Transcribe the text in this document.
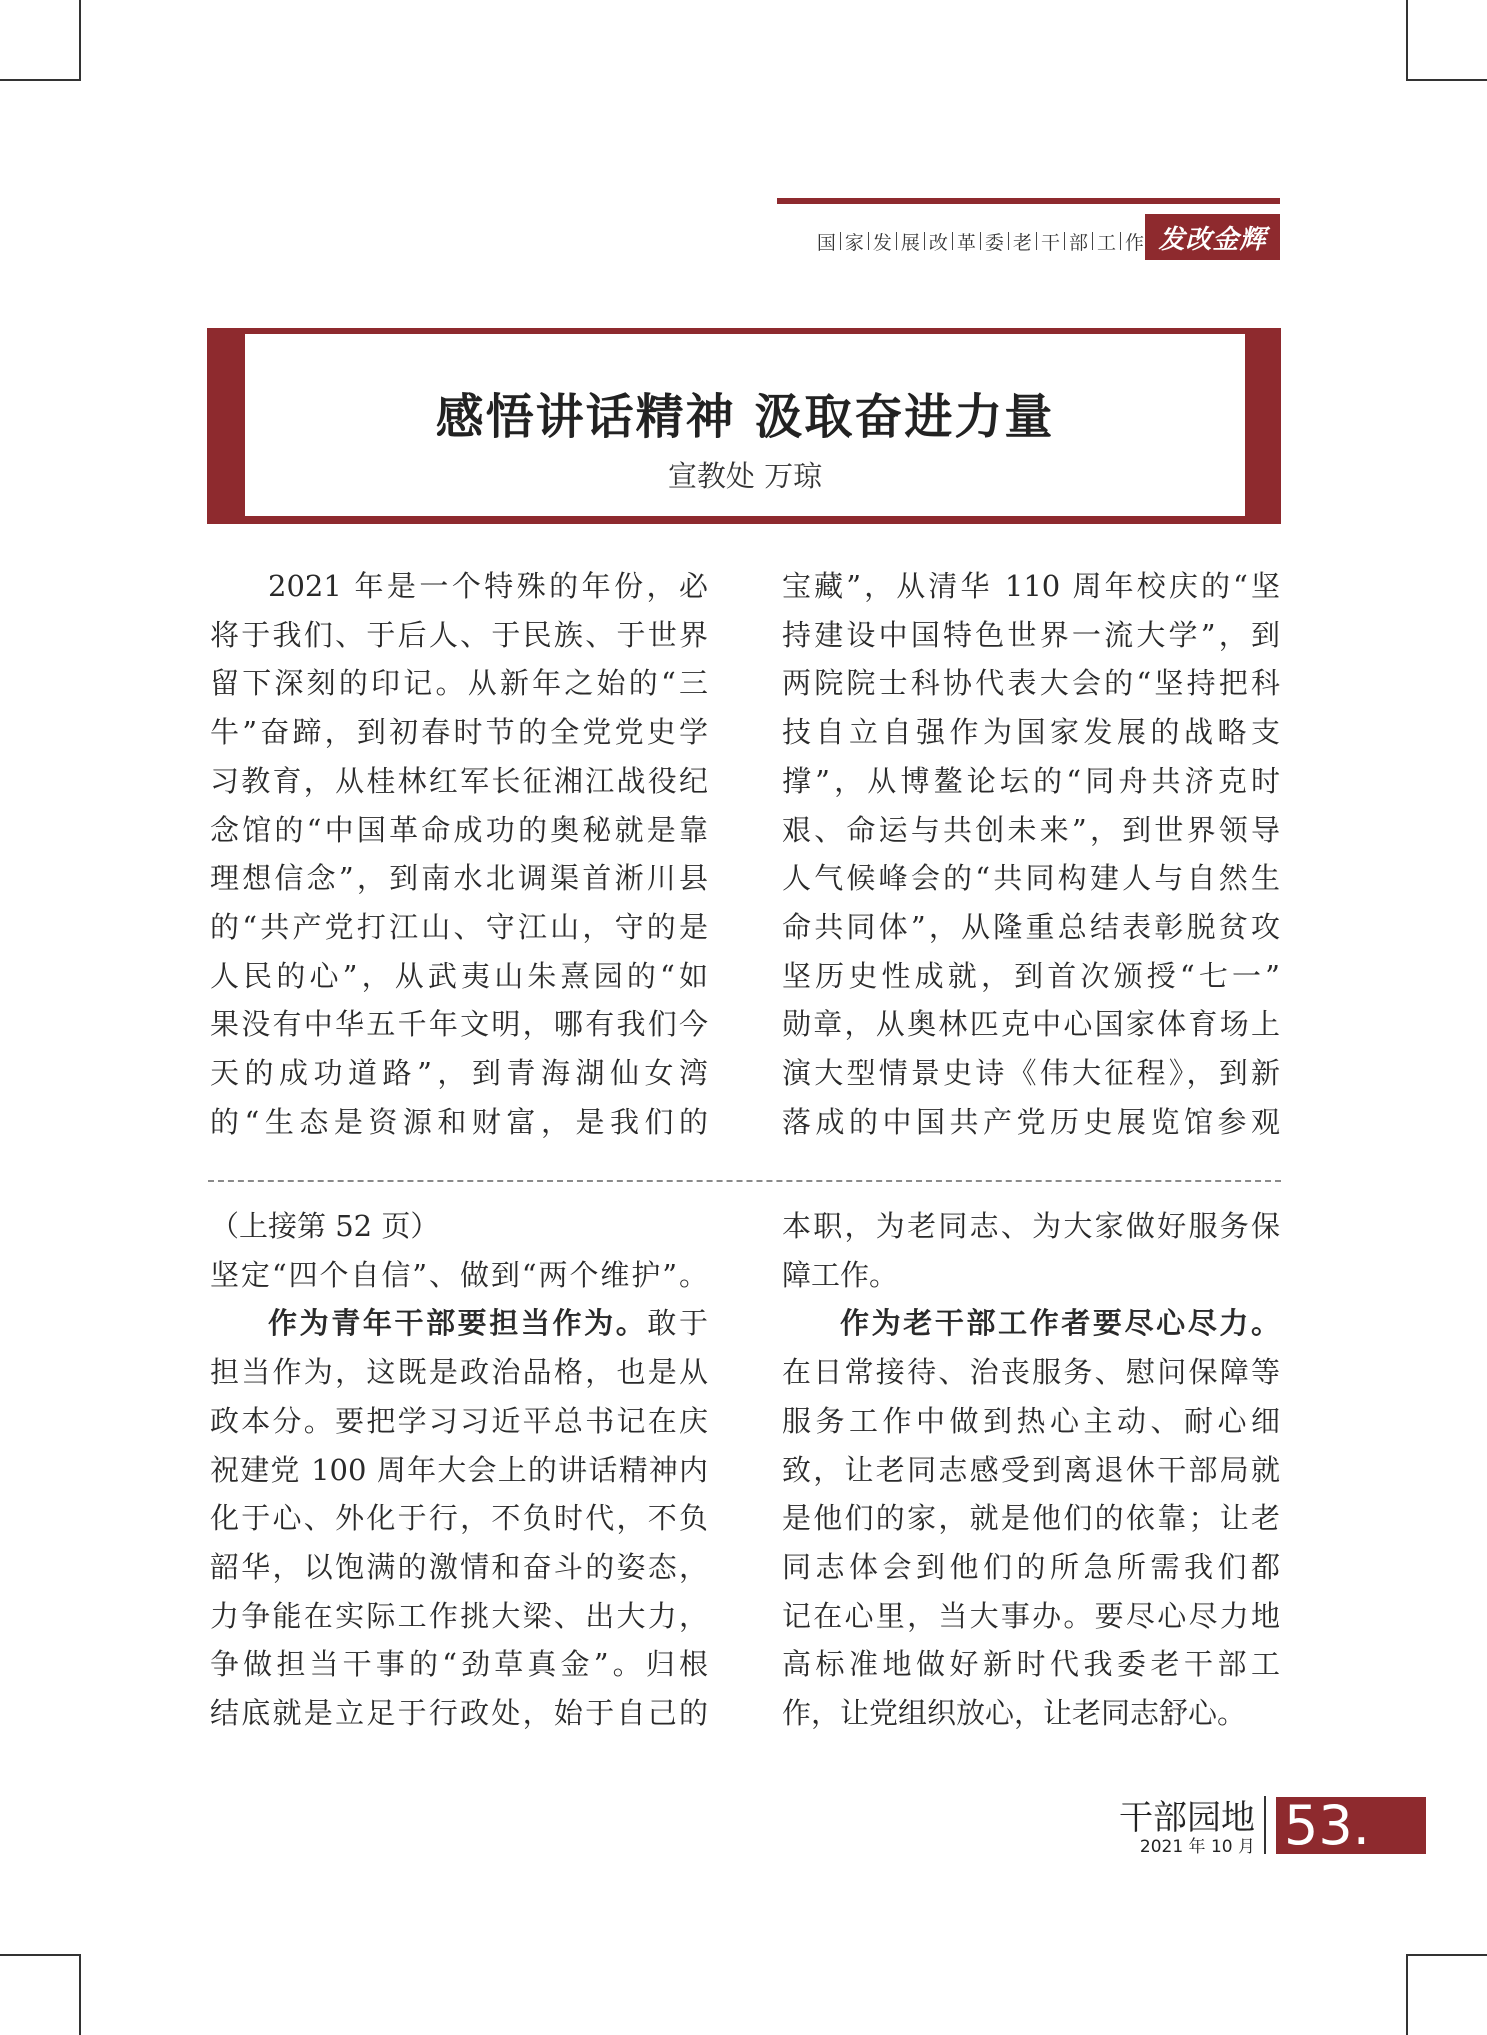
国 家 发 展 改 革 委 老 干 部 工 作 发改金辉
感悟讲话精神 汲取奋进力量
宣教处 万琼

2021 年是一个特殊的年份，必

将于我们、于后人、于民族、于世界

留下深刻的印记。从新年之始的“三

牛”奋蹄，到初春时节的全党党史学

习教育，从桂林红军长征湘江战役纪

念馆的“中国革命成功的奥秘就是靠

理想信念”，到南水北调渠首淅川县

的“共产党打江山、守江山，守的是

人民的心”，从武夷山朱熹园的“如

果没有中华五千年文明，哪有我们今

天的成功道路”，到青海湖仙女湾

的“生态是资源和财富，是我们的

宝藏”，从清华 110 周年校庆的“坚

持建设中国特色世界一流大学”，到

两院院士科协代表大会的“坚持把科

技自立自强作为国家发展的战略支

撑”，从博鳌论坛的“同舟共济克时

艰、命运与共创未来”，到世界领导

人气候峰会的“共同构建人与自然生

命共同体”，从隆重总结表彰脱贫攻

坚历史性成就，到首次颁授“七一”

勋章，从奥林匹克中心国家体育场上

演大型情景史诗《伟大征程》，到新

落成的中国共产党历史展览馆参观

（上接第 52 页）

坚定“四个自信”、做到“两个维护”。

作为青年干部要担当作为。敢于

担当作为，这既是政治品格，也是从

政本分。要把学习习近平总书记在庆

祝建党 100 周年大会上的讲话精神内

化于心、外化于行，不负时代，不负

韶华，以饱满的激情和奋斗的姿态，

力争能在实际工作挑大梁、出大力，

争做担当干事的“劲草真金”。归根

结底就是立足于行政处，始于自己的

本职，为老同志、为大家做好服务保

障工作。

作为老干部工作者要尽心尽力。

在日常接待、治丧服务、慰问保障等

服务工作中做到热心主动、耐心细

致，让老同志感受到离退休干部局就

是他们的家，就是他们的依靠；让老

同志体会到他们的所急所需我们都

记在心里，当大事办。要尽心尽力地

高标准地做好新时代我委老干部工

作，让党组织放心，让老同志舒心。

干部园地
2021 年 10 月 53.
